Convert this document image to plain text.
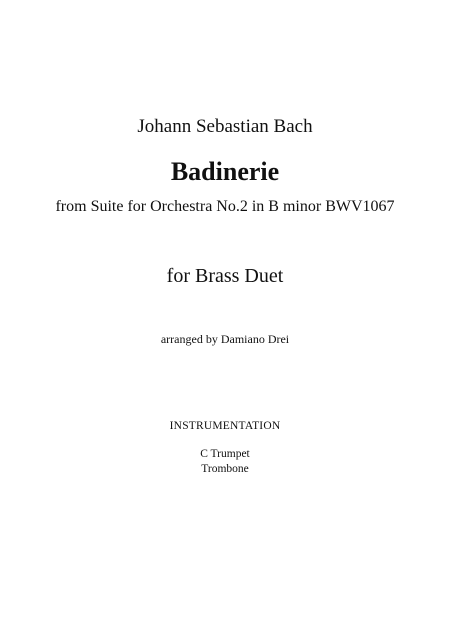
Johann Sebastian Bach
Badinerie
from Suite for Orchestra No.2 in B minor BWV1067
for Brass Duet
arranged by Damiano Drei
INSTRUMENTATION
C Trumpet
Trombone
